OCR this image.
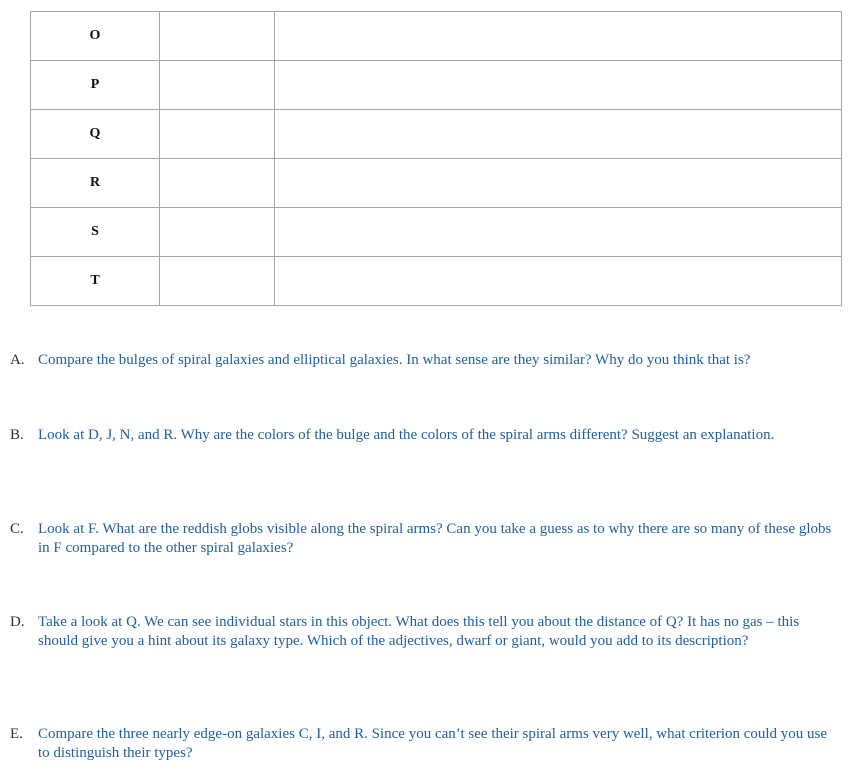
O		
P		
Q		
R		
S		
T		
A. Compare the bulges of spiral galaxies and elliptical galaxies. In what sense are they similar? Why do you think that is?
B. Look at D, J, N, and R. Why are the colors of the bulge and the colors of the spiral arms different? Suggest an explanation.
C. Look at F. What are the reddish globs visible along the spiral arms? Can you take a guess as to why there are so many of these globs in F compared to the other spiral galaxies?
D. Take a look at Q. We can see individual stars in this object. What does this tell you about the distance of Q? It has no gas – this should give you a hint about its galaxy type. Which of the adjectives, dwarf or giant, would you add to its description?
E.	Compare the three nearly edge-on galaxies C, I, and R. Since you can’t see their spiral arms very well, what criterion could you use to distinguish their types?
